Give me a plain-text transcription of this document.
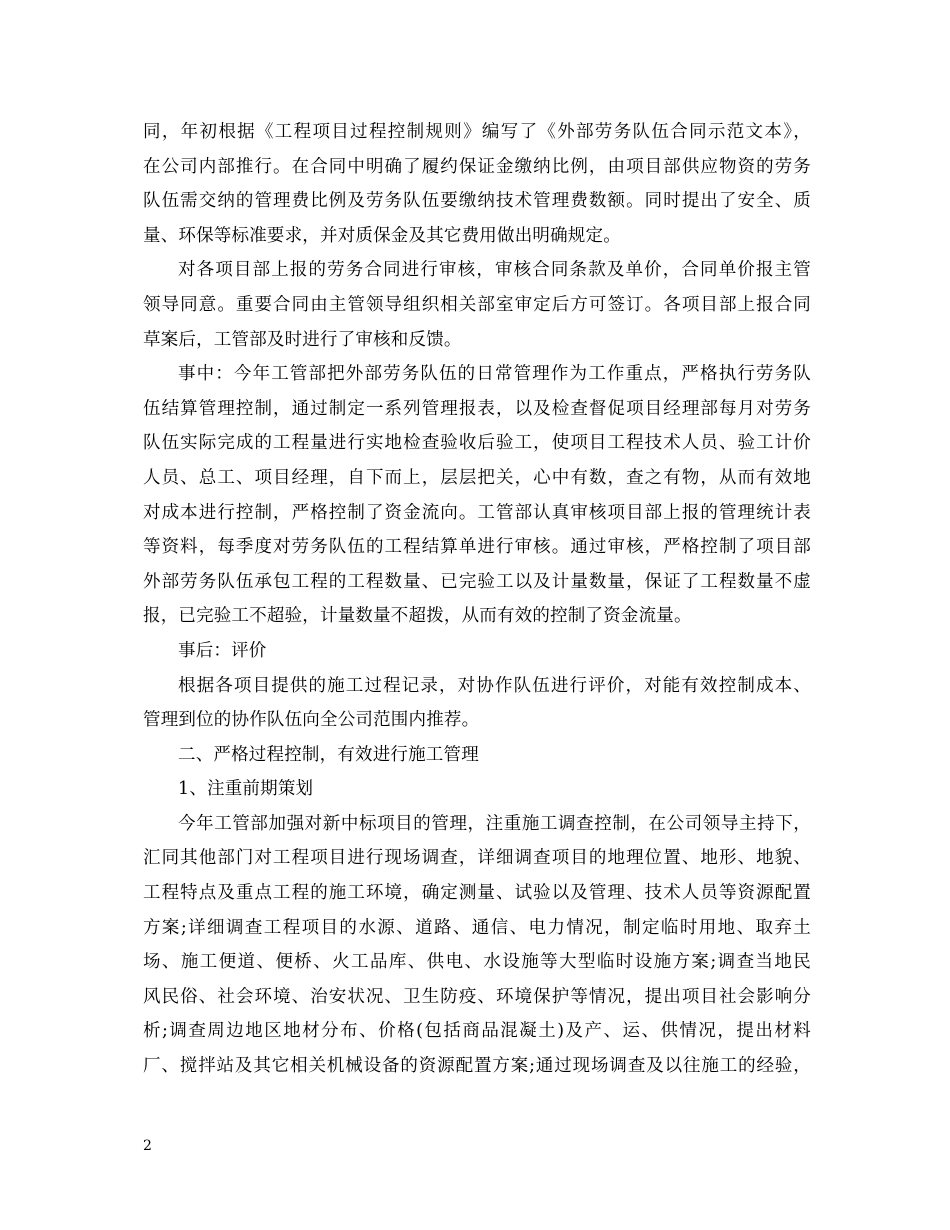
同，年初根据《工程项目过程控制规则》编写了《外部劳务队伍合同示范文本》，
在公司内部推行。在合同中明确了履约保证金缴纳比例，由项目部供应物资的劳务
队伍需交纳的管理费比例及劳务队伍要缴纳技术管理费数额。同时提出了安全、质
量、环保等标准要求，并对质保金及其它费用做出明确规定。
对各项目部上报的劳务合同进行审核，审核合同条款及单价，合同单价报主管
领导同意。重要合同由主管领导组织相关部室审定后方可签订。各项目部上报合同
草案后，工管部及时进行了审核和反馈。
事中：今年工管部把外部劳务队伍的日常管理作为工作重点，严格执行劳务队
伍结算管理控制，通过制定一系列管理报表，以及检查督促项目经理部每月对劳务
队伍实际完成的工程量进行实地检查验收后验工，使项目工程技术人员、验工计价
人员、总工、项目经理，自下而上，层层把关，心中有数，查之有物，从而有效地
对成本进行控制，严格控制了资金流向。工管部认真审核项目部上报的管理统计表
等资料，每季度对劳务队伍的工程结算单进行审核。通过审核，严格控制了项目部
外部劳务队伍承包工程的工程数量、已完验工以及计量数量，保证了工程数量不虚
报，已完验工不超验，计量数量不超拨，从而有效的控制了资金流量。
事后：评价
根据各项目提供的施工过程记录，对协作队伍进行评价，对能有效控制成本、
管理到位的协作队伍向全公司范围内推荐。
二、严格过程控制，有效进行施工管理
1、注重前期策划
今年工管部加强对新中标项目的管理，注重施工调查控制，在公司领导主持下，
汇同其他部门对工程项目进行现场调查，详细调查项目的地理位置、地形、地貌、
工程特点及重点工程的施工环境，确定测量、试验以及管理、技术人员等资源配置
方案;详细调查工程项目的水源、道路、通信、电力情况，制定临时用地、取弃土
场、施工便道、便桥、火工品库、供电、水设施等大型临时设施方案;调查当地民
风民俗、社会环境、治安状况、卫生防疫、环境保护等情况，提出项目社会影响分
析;调查周边地区地材分布、价格(包括商品混凝土)及产、运、供情况，提出材料
厂、搅拌站及其它相关机械设备的资源配置方案;通过现场调查及以往施工的经验，
2
